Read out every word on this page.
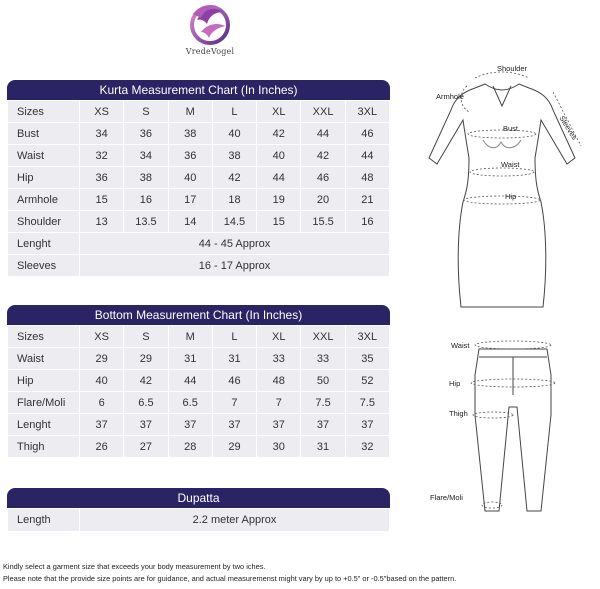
VredeVogel
Kurta Measurement Chart (In Inches)
Sizes	XS	S	M	L	XL	XXL	3XL
Bust	34	36	38	40	42	44	46
Waist	32	34	36	38	40	42	44
Hip	36	38	40	42	44	46	48
Armhole	15	16	17	18	19	20	21
Shoulder	13	13.5	14	14.5	15	15.5	16
Lenght	44 - 45 Approx						
Sleeves	16 - 17 Approx						
Bottom Measurement Chart (In Inches)
Sizes	XS	S	M	L	XL	XXL	3XL
Waist	29	29	31	31	33	33	35
Hip	40	42	44	46	48	50	52
Flare/Moli	6	6.5	6.5	7	7	7.5	7.5
Lenght	37	37	37	37	37	37	37
Thigh	26	27	28	29	30	31	32
Dupatta
Length	2.2 meter Approx
Shoulder
Armhole
Sleeves
Bust
Waist
Hip
Waist
Hip
Thigh
Flare/Moli
Kindly select a garment size that exceeds your body measurement by two iches.
Please note that the provide size points are for guidance, and actual measuremenst might vary by up to +0.5" or -0.5"based on the pattern.
